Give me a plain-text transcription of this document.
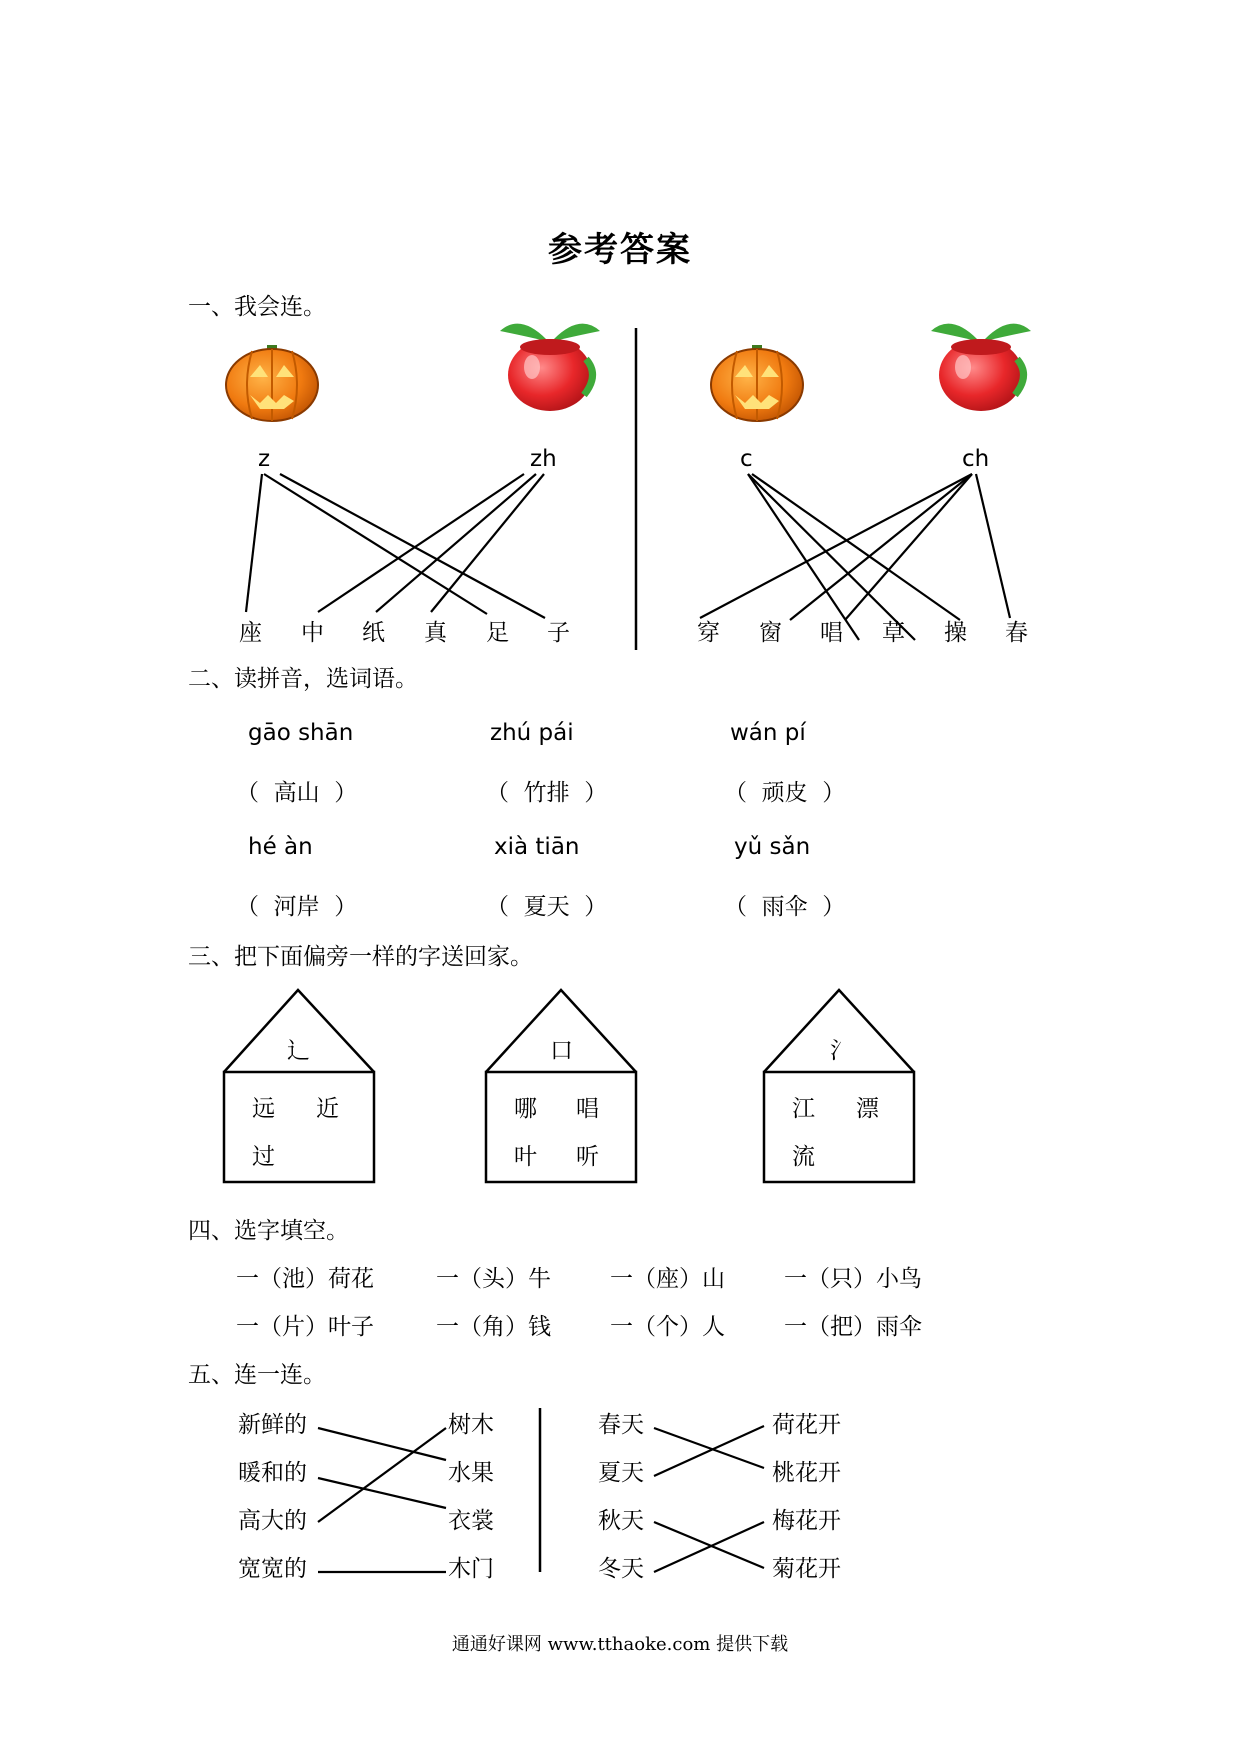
参考答案
一、我会连。
z	zh	c	ch
座 中 纸 真 足 子	穿 窗 唱 草 操 春
二、读拼音，选词语。
gāo shān	zhú pái	wán pí
（  高山  ）	（  竹排  ）	（  顽皮  ）
hé àn	xià tiān	yǔ sǎn
（  河岸  ）	（  夏天  ）	（  雨伞  ）
三、把下面偏旁一样的字送回家。
辶
远 近
过
口
哪 唱
叶 听
氵
江 漂
流
四、选字填空。
一（池）荷花	一（头）牛	一（座）山	一（只）小鸟
一（片）叶子	一（角）钱	一（个）人	一（把）雨伞
五、连一连。
新鲜的
暖和的
高大的
宽宽的
树木
水果
衣裳
木门
春天
夏天
秋天
冬天
荷花开
桃花开
梅花开
菊花开
通通好课网 www.tthaoke.com 提供下载
